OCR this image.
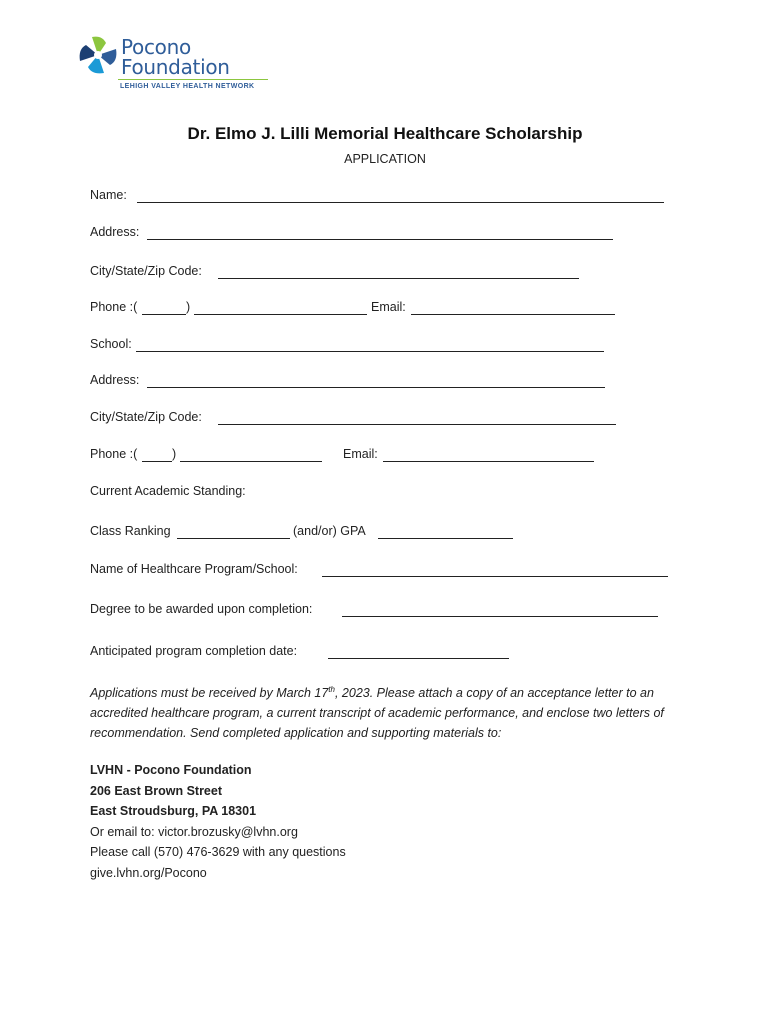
Pocono
Foundation
LEHIGH VALLEY HEALTH NETWORK
Dr. Elmo J. Lilli Memorial Healthcare Scholarship
APPLICATION
Name:
Address:
City/State/Zip Code:
Phone :(	)	Email:
School:
Address:
City/State/Zip Code:
Phone :(	)	Email:
Current Academic Standing:
Class Ranking	(and/or) GPA
Name of Healthcare Program/School:
Degree to be awarded upon completion:
Anticipated program completion date:
Applications must be received by March 17th, 2023. Please attach a copy of an acceptance letter to an accredited healthcare program, a current transcript of academic performance, and enclose two letters of recommendation. Send completed application and supporting materials to:
LVHN - Pocono Foundation
206 East Brown Street
East Stroudsburg, PA 18301
Or email to: victor.brozusky@lvhn.org
Please call (570) 476-3629 with any questions
give.lvhn.org/Pocono
